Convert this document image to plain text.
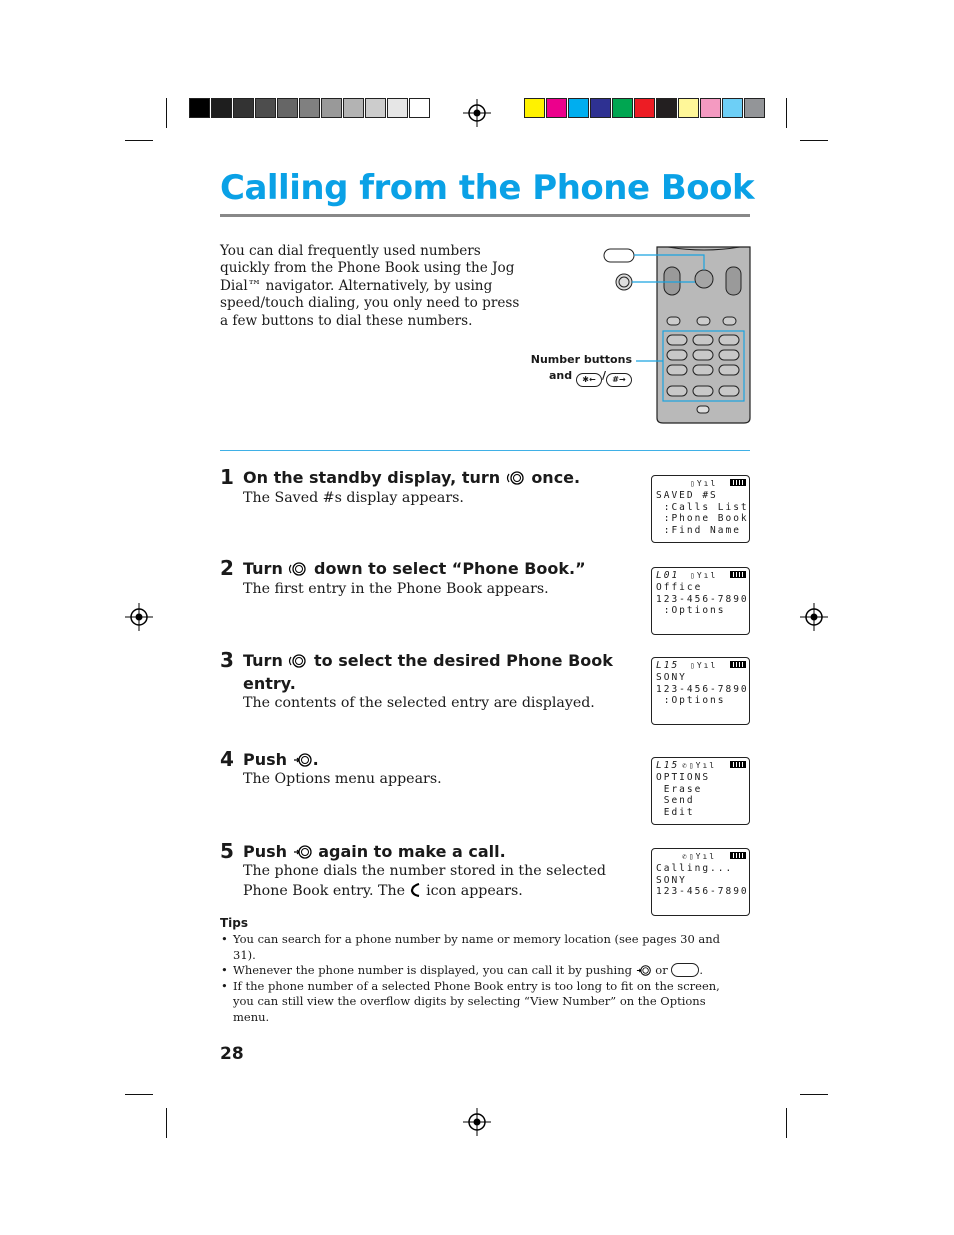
Calling from the Phone Book
You can dial frequently used numbers quickly from the Phone Book using the Jog Dial™ navigator. Alternatively, by using speed/touch dialing, you only need to press a few buttons to dial these numbers.
Number buttons
and ✱← / #→
1 On the standby display, turn once.
The Saved #s display appears.
2 Turn down to select “Phone Book.”
The first entry in the Phone Book appears.
3 Turn to select the desired Phone Book
entry.
The contents of the selected entry are displayed.
4 Push .
The Options menu appears.
5 Push again to make a call.
The phone dials the number stored in the selected Phone Book entry. The icon appears.
▯Yıl
SAVED #S
:Calls List
:Phone Book
:Find Name
L01 ▯Yıl
Office
123-456-7890
:Options
L15 ▯Yıl
SONY
123-456-7890
:Options
L15 ✆▯Yıl
OPTIONS
Erase
Send
Edit
✆▯Yıl
Calling...
SONY
123-456-7890
Tips
• You can search for a phone number by name or memory location (see pages 30 and 31).
• Whenever the phone number is displayed, you can call it by pushing or	.
• If the phone number of a selected Phone Book entry is too long to fit on the screen, you can still view the overflow digits by selecting “View Number” on the Options menu.
28
